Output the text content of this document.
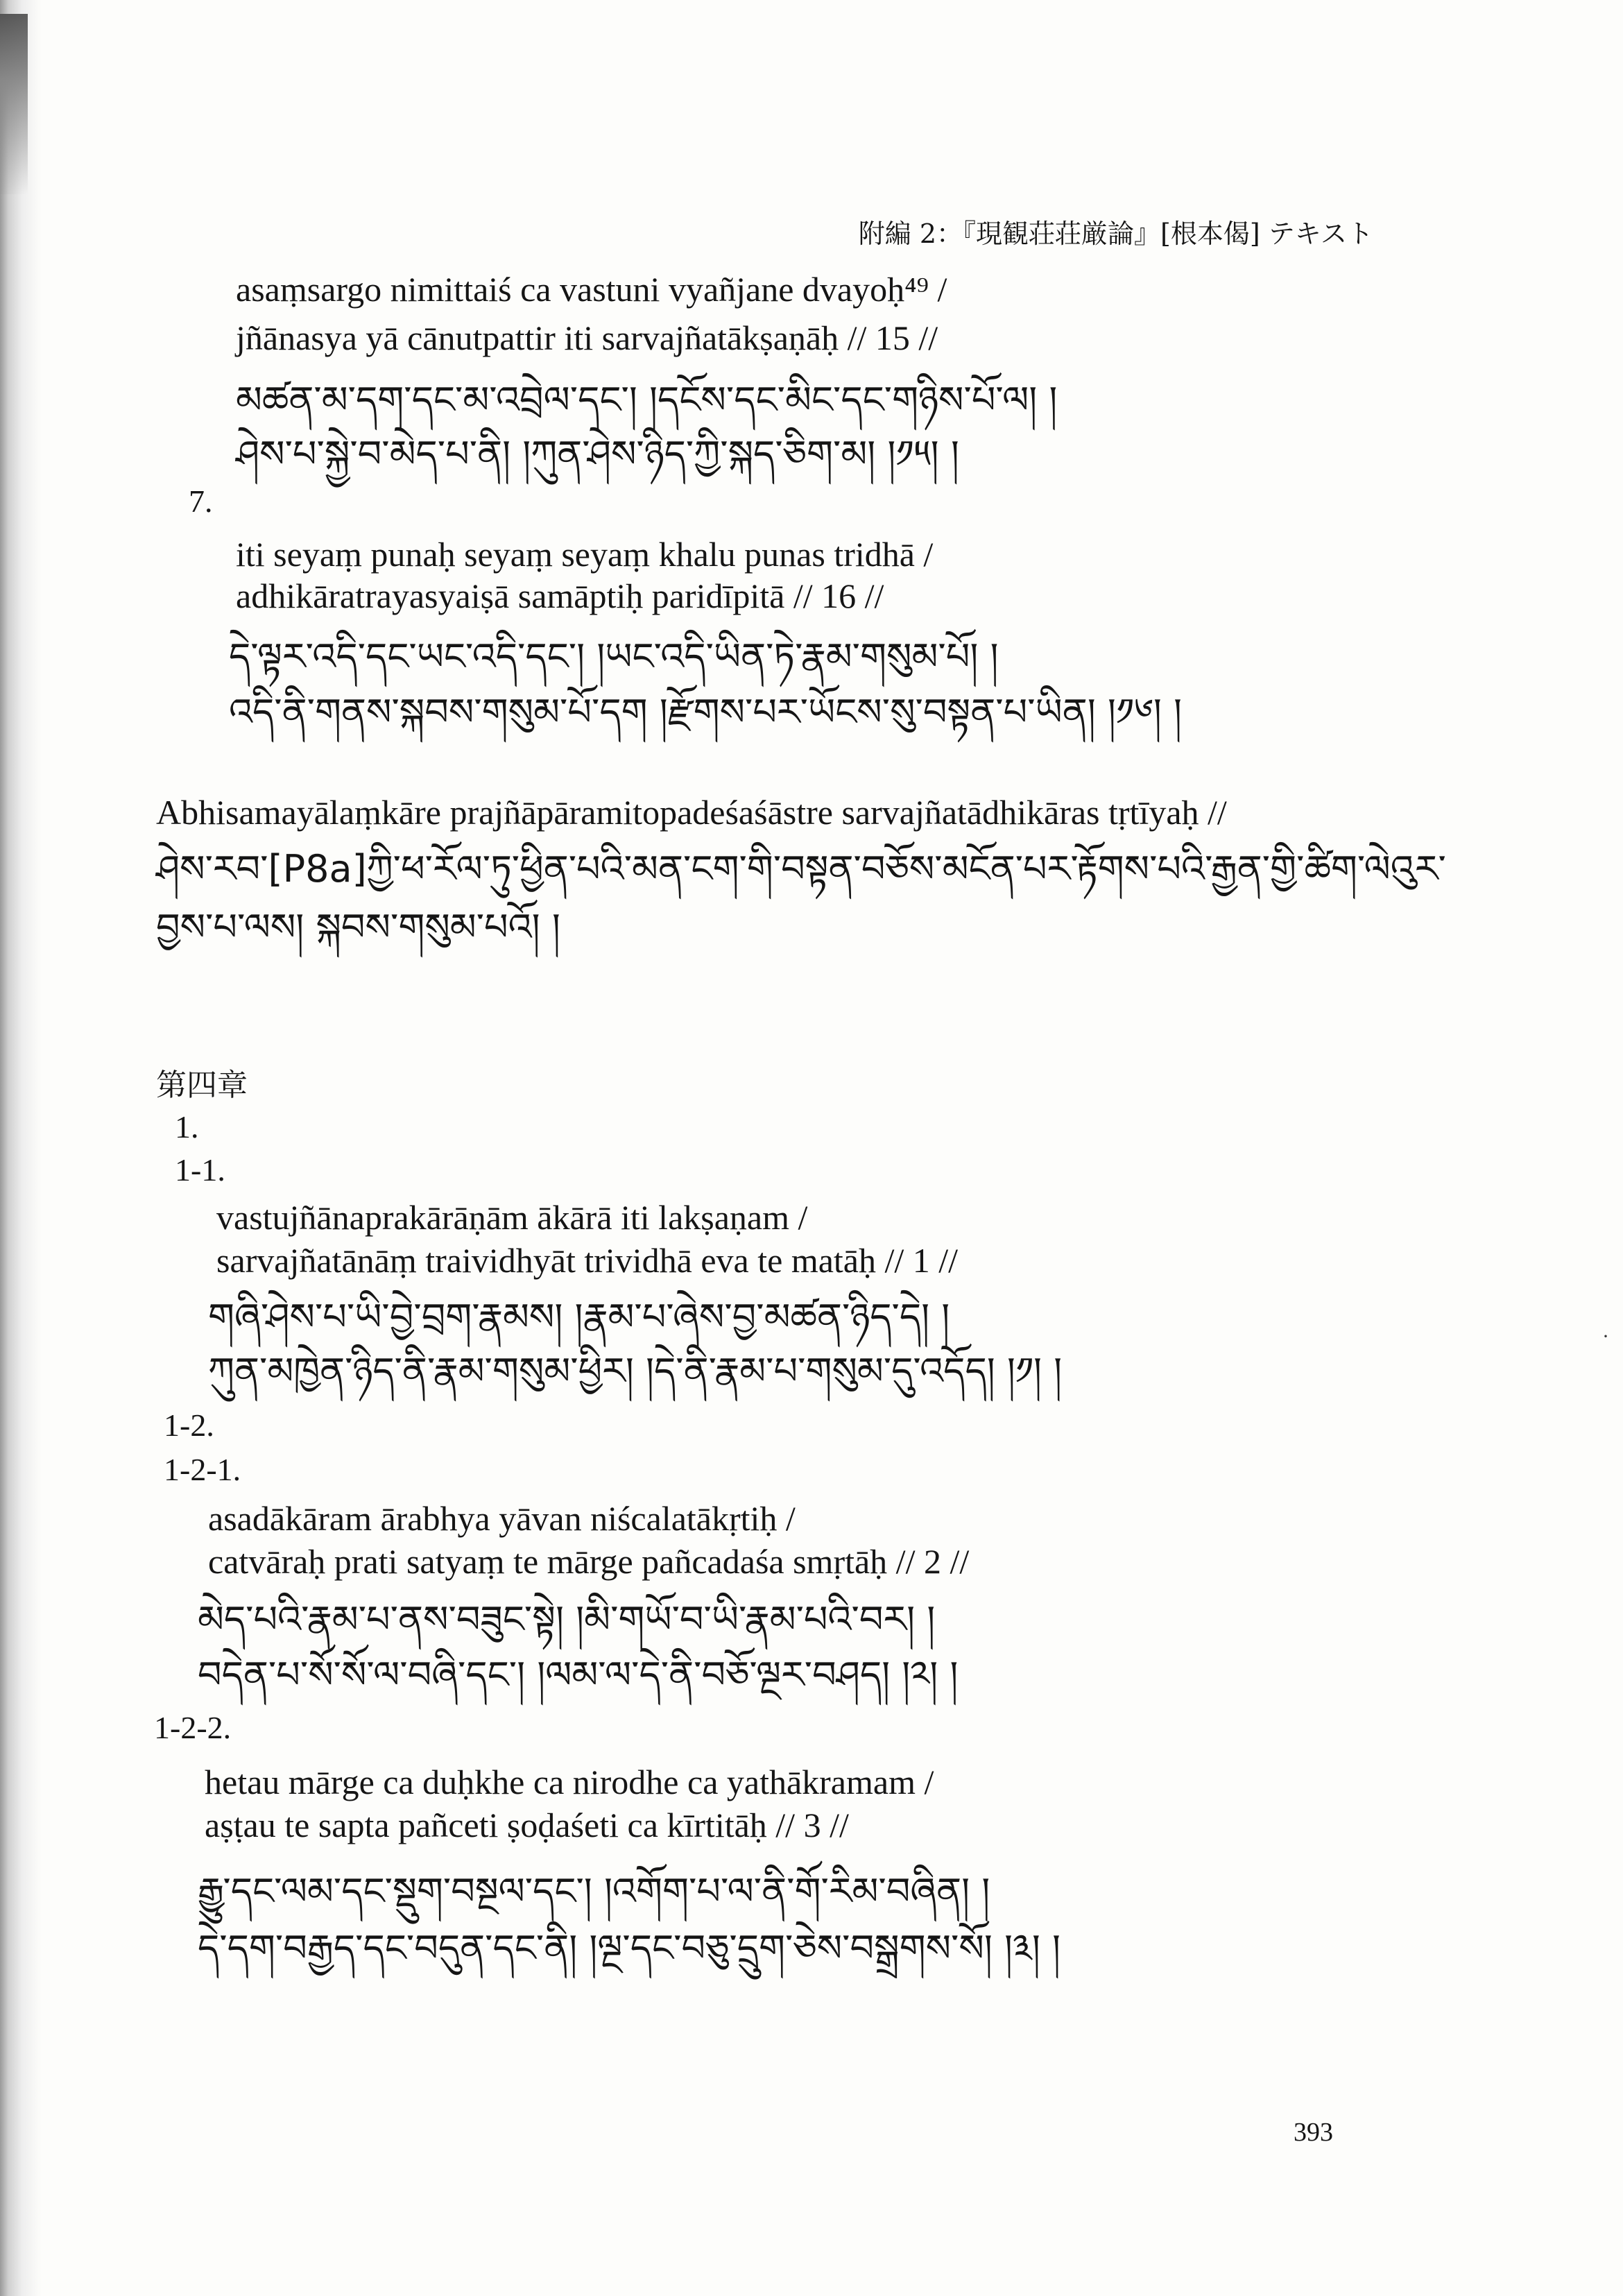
附編 2：『現観荘荘厳論』[根本偈] テキスト
asaṃsargo nimittaiś ca vastuni vyañjane dvayoḥ⁴⁹ /
jñānasya yā cānutpattir iti sarvajñatākṣaṇāḥ // 15 //
མཚན་མ་དག་དང་མ་འབྲེལ་དང་། །དངོས་དང་མིང་དང་གཉིས་པོ་ལ། །
ཤེས་པ་སྐྱེ་བ་མེད་པ་ནི། །ཀུན་ཤེས་ཉིད་ཀྱི་སྐད་ཅིག་མ། །༡༥། །
7.
iti seyaṃ punaḥ seyaṃ seyaṃ khalu punas tridhā /
adhikāratrayasyaiṣā samāptiḥ paridīpitā // 16 //
དེ་ལྟར་འདི་དང་ཡང་འདི་དང་། །ཡང་འདི་ཡིན་ཏེ་རྣམ་གསུམ་པོ། །
འདི་ནི་གནས་སྐབས་གསུམ་པོ་དག །རྫོགས་པར་ཡོངས་སུ་བསྟན་པ་ཡིན། །༡༦། །
Abhisamayālaṃkāre prajñāpāramitopadeśaśāstre sarvajñatādhikāras tṛtīyaḥ //
ཤེས་རབ་[P8a]ཀྱི་ཕ་རོལ་ཏུ་ཕྱིན་པའི་མན་ངག་གི་བསྟན་བཅོས་མངོན་པར་རྟོགས་པའི་རྒྱན་གྱི་ཚིག་ལེའུར་
བྱས་པ་ལས། སྐབས་གསུམ་པའོ། །
第四章
1.
1-1.
vastujñānaprakārāṇām ākārā iti lakṣaṇam /
sarvajñatānāṃ traividhyāt trividhā eva te matāḥ // 1 //
གཞི་ཤེས་པ་ཡི་བྱེ་བྲག་རྣམས། །རྣམ་པ་ཞེས་བྱ་མཚན་ཉིད་དེ། །
ཀུན་མཁྱེན་ཉིད་ནི་རྣམ་གསུམ་ཕྱིར། །དེ་ནི་རྣམ་པ་གསུམ་དུ་འདོད། །༡། །
1-2.
1-2-1.
asadākāram ārabhya yāvan niścalatākṛtiḥ /
catvāraḥ prati satyaṃ te mārge pañcadaśa smṛtāḥ // 2 //
མེད་པའི་རྣམ་པ་ནས་བཟུང་སྟེ། །མི་གཡོ་བ་ཡི་རྣམ་པའི་བར། །
བདེན་པ་སོ་སོ་ལ་བཞི་དང་། །ལམ་ལ་དེ་ནི་བཅོ་ལྔར་བཤད། །༢། །
1-2-2.
hetau mārge ca duḥkhe ca nirodhe ca yathākramam /
aṣṭau te sapta pañceti ṣoḍaśeti ca kīrtitāḥ // 3 //
རྒྱུ་དང་ལམ་དང་སྡུག་བསྔལ་དང་། །འགོག་པ་ལ་ནི་གོ་རིམ་བཞིན། །
དེ་དག་བརྒྱད་དང་བདུན་དང་ནི། །ལྔ་དང་བཅུ་དྲུག་ཅེས་བསྒྲགས་སོ། །༣། །
393
·
